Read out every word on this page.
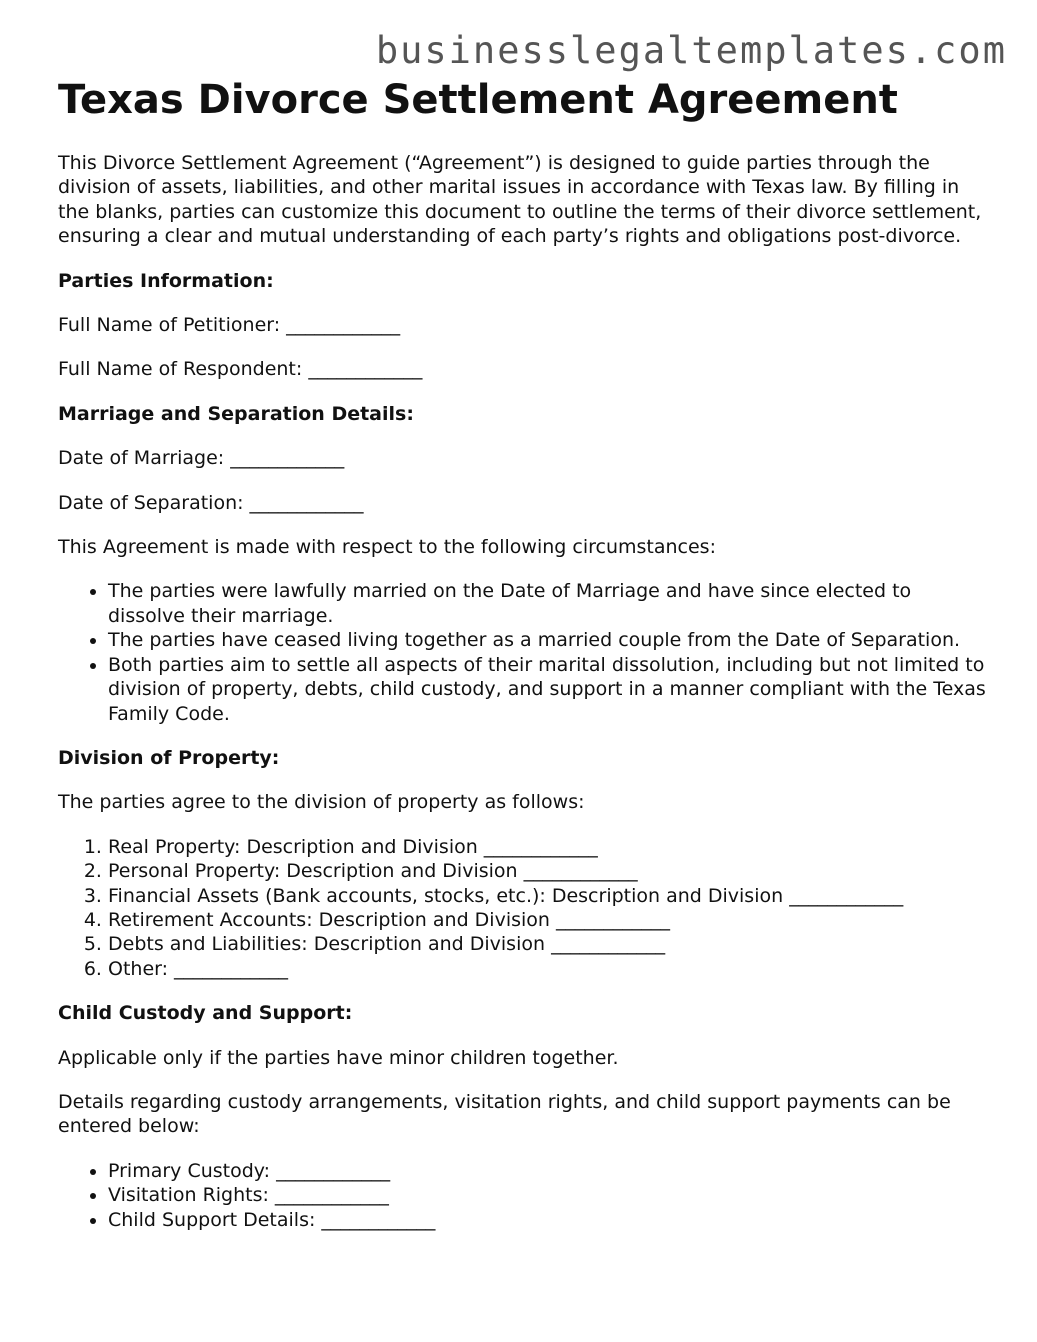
businesslegaltemplates.com
Texas Divorce Settlement Agreement

This Divorce Settlement Agreement (“Agreement”) is designed to guide parties through the division of assets, liabilities, and other marital issues in accordance with Texas law. By filling in the blanks, parties can customize this document to outline the terms of their divorce settlement, ensuring a clear and mutual understanding of each party’s rights and obligations post-divorce.

Parties Information:

Full Name of Petitioner: ____________

Full Name of Respondent: ____________

Marriage and Separation Details:

Date of Marriage: ____________

Date of Separation: ____________

This Agreement is made with respect to the following circumstances:

• The parties were lawfully married on the Date of Marriage and have since elected to dissolve their marriage.
• The parties have ceased living together as a married couple from the Date of Separation.
• Both parties aim to settle all aspects of their marital dissolution, including but not limited to division of property, debts, child custody, and support in a manner compliant with the Texas Family Code.

Division of Property:

The parties agree to the division of property as follows:

1. Real Property: Description and Division ____________
2. Personal Property: Description and Division ____________
3. Financial Assets (Bank accounts, stocks, etc.): Description and Division ____________
4. Retirement Accounts: Description and Division ____________
5. Debts and Liabilities: Description and Division ____________
6. Other: ____________

Child Custody and Support:

Applicable only if the parties have minor children together.

Details regarding custody arrangements, visitation rights, and child support payments can be entered below:

• Primary Custody: ____________
• Visitation Rights: ____________
• Child Support Details: ____________
